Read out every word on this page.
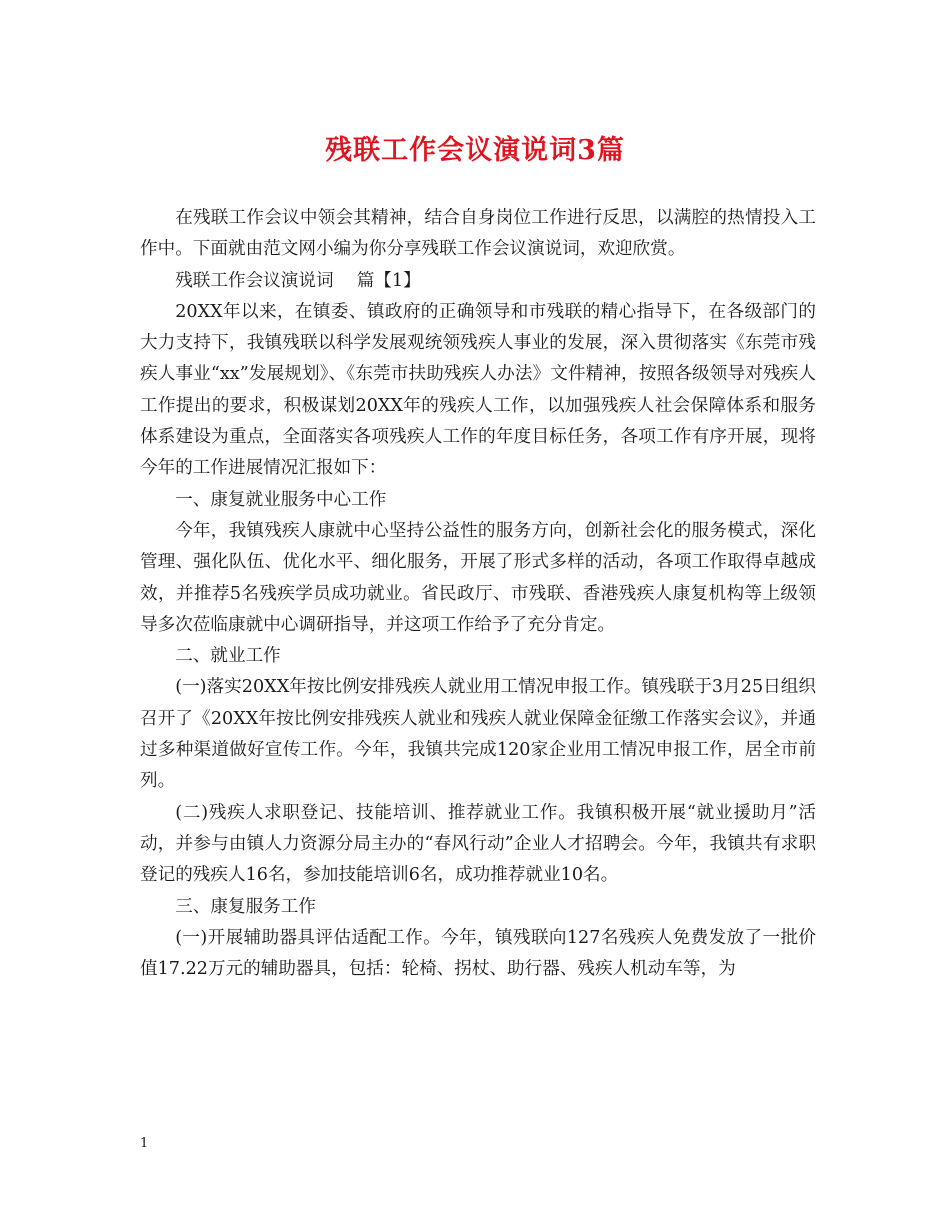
残联工作会议演说词3篇

在残联工作会议中领会其精神，结合自身岗位工作进行反思，以满腔的热情投入工作中。下面就由范文网小编为你分享残联工作会议演说词，欢迎欣赏。

残联工作会议演说词　 篇【1】

20XX年以来，在镇委、镇政府的正确领导和市残联的精心指导下，在各级部门的大力支持下，我镇残联以科学发展观统领残疾人事业的发展，深入贯彻落实《东莞市残疾人事业“xx”发展规划》、《东莞市扶助残疾人办法》文件精神，按照各级领导对残疾人工作提出的要求，积极谋划20XX年的残疾人工作，以加强残疾人社会保障体系和服务体系建设为重点，全面落实各项残疾人工作的年度目标任务，各项工作有序开展，现将今年的工作进展情况汇报如下：

一、康复就业服务中心工作

今年，我镇残疾人康就中心坚持公益性的服务方向，创新社会化的服务模式，深化管理、强化队伍、优化水平、细化服务，开展了形式多样的活动，各项工作取得卓越成效，并推荐5名残疾学员成功就业。省民政厅、市残联、香港残疾人康复机构等上级领导多次莅临康就中心调研指导，并这项工作给予了充分肯定。

二、就业工作

(一)落实20XX年按比例安排残疾人就业用工情况申报工作。镇残联于3月25日组织召开了《20XX年按比例安排残疾人就业和残疾人就业保障金征缴工作落实会议》，并通过多种渠道做好宣传工作。今年，我镇共完成120家企业用工情况申报工作，居全市前列。

(二)残疾人求职登记、技能培训、推荐就业工作。我镇积极开展“就业援助月”活动，并参与由镇人力资源分局主办的“春风行动”企业人才招聘会。今年，我镇共有求职登记的残疾人16名，参加技能培训6名，成功推荐就业10名。

三、康复服务工作

(一)开展辅助器具评估适配工作。今年，镇残联向127名残疾人免费发放了一批价值17.22万元的辅助器具，包括：轮椅、拐杖、助行器、残疾人机动车等，为

1
